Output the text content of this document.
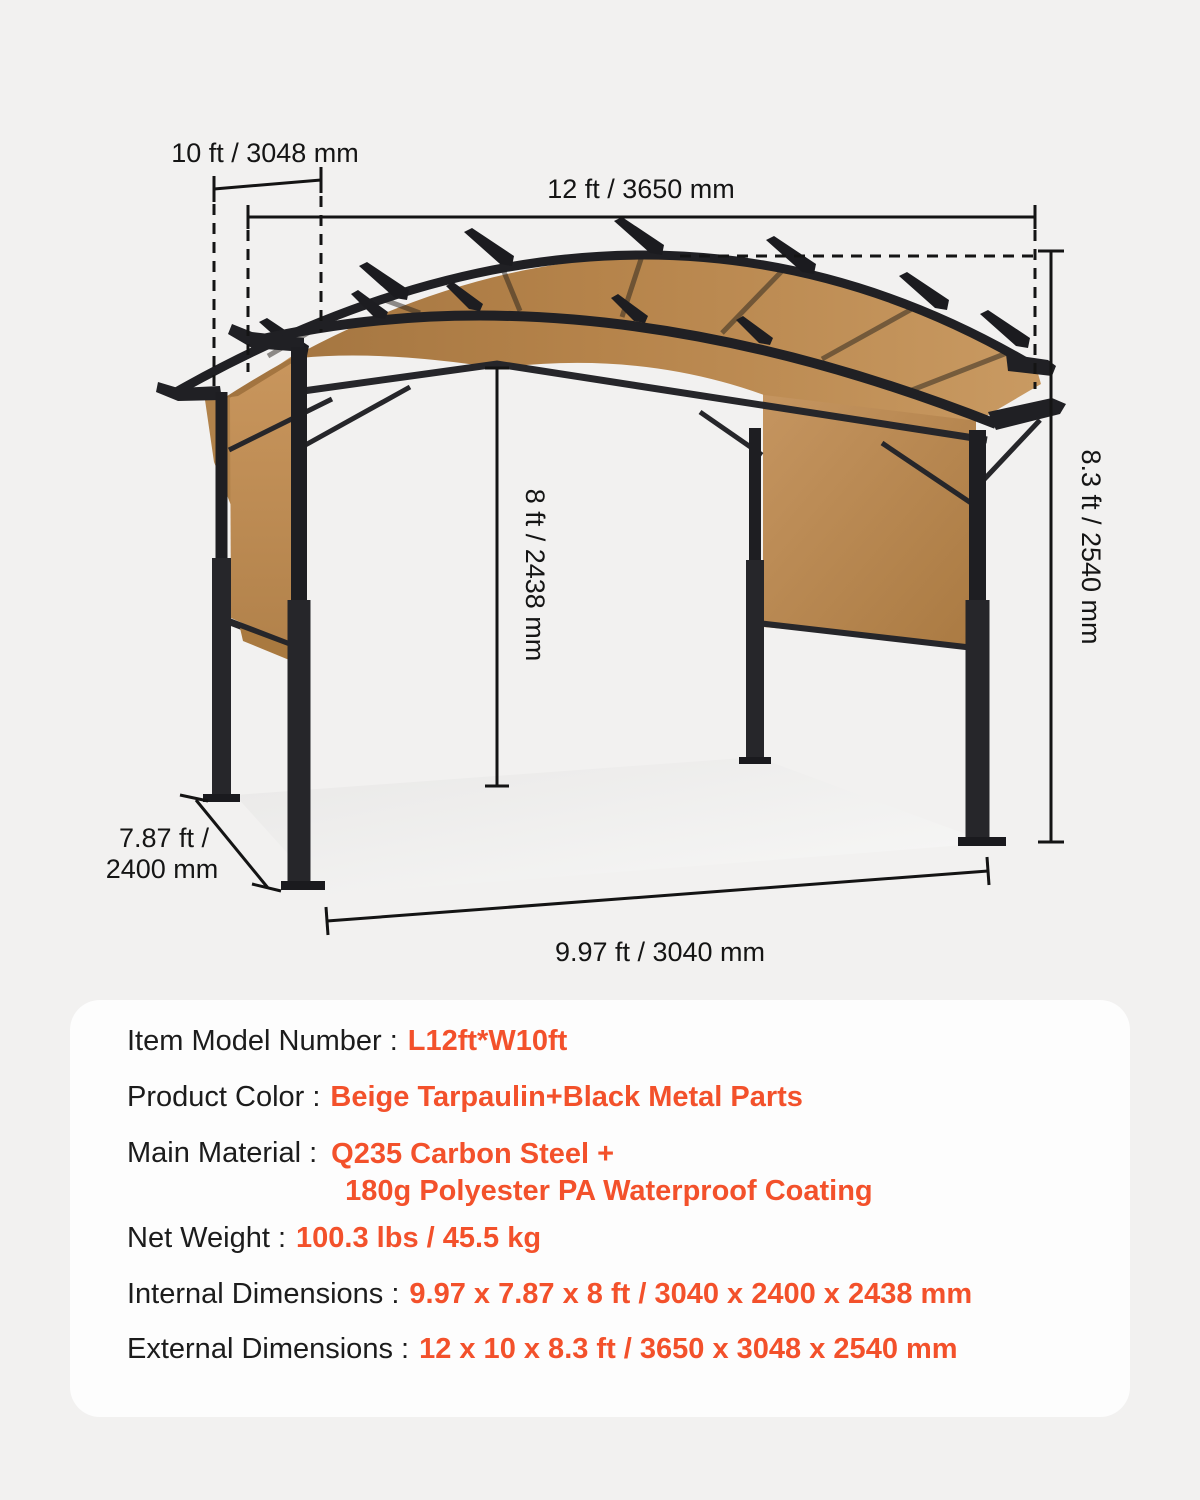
10 ft / 3048 mm
12 ft / 3650 mm
8.3 ft / 2540 mm
8 ft / 2438 mm
7.87 ft /
2400 mm
9.97 ft / 3040 mm
Item Model Number : L12ft*W10ft
Product Color : Beige Tarpaulin+Black Metal Parts
Main Material : Q235 Carbon Steel +
180g Polyester PA Waterproof Coating
Net Weight : 100.3 lbs / 45.5 kg
Internal Dimensions : 9.97 x 7.87 x 8 ft / 3040 x 2400 x 2438 mm
External Dimensions : 12 x 10 x 8.3 ft / 3650 x 3048 x 2540 mm
